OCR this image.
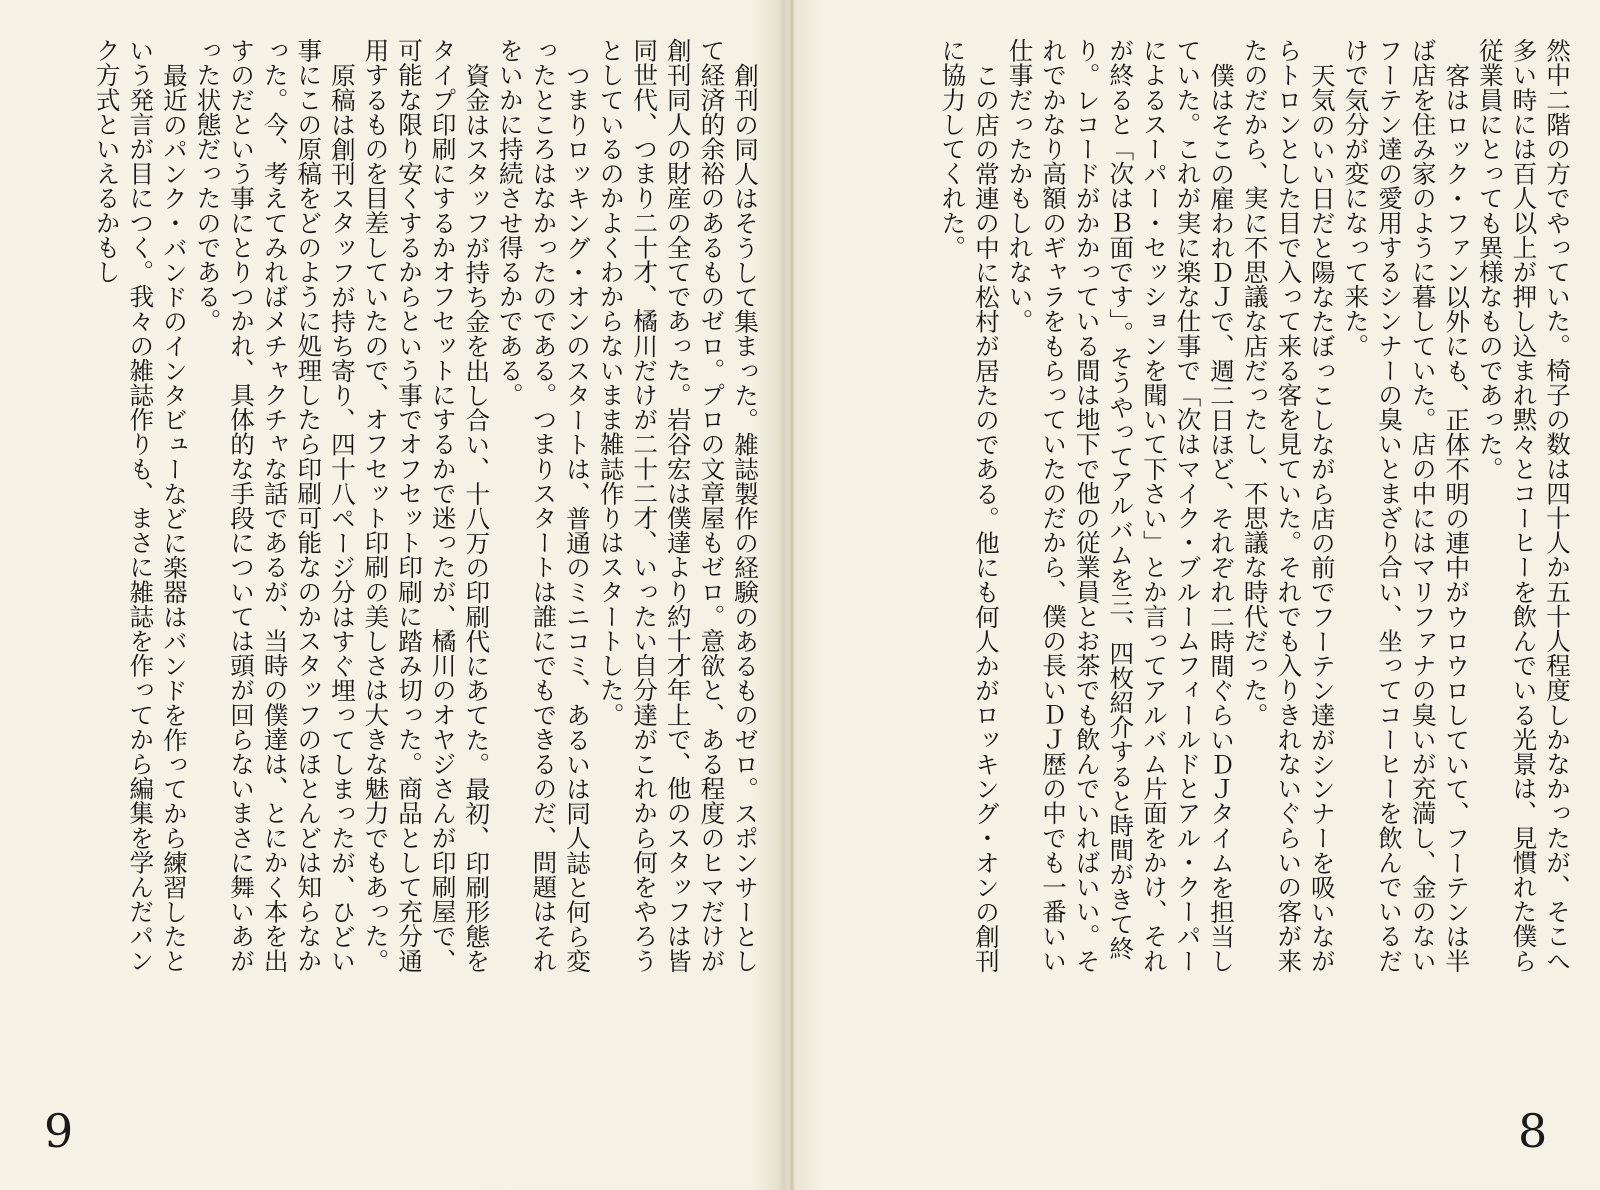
創刊の同人はそうして集まった。雑誌製作の経験のあるものゼロ。スポンサーとして経済的余裕のあるものゼロ。プロの文章屋もゼロ。意欲と、ある程度のヒマだけが創刊同人の財産の全てであった。岩谷宏は僕達より約十才年上で、他のスタッフは皆同世代、つまり二十才、橘川だけが二十二才、いったい自分達がこれから何をやろうとしているのかよくわからないまま雑誌作りはスタートした。

つまりロッキング・オンのスタートは、普通のミニコミ、あるいは同人誌と何ら変ったところはなかったのである。つまりスタートは誰にでもできるのだ、問題はそれをいかに持続させ得るかである。

資金はスタッフが持ち金を出し合い、十八万の印刷代にあてた。最初、印刷形態をタイプ印刷にするかオフセットにするかで迷ったが、橘川のオヤジさんが印刷屋で、可能な限り安くするからという事でオフセット印刷に踏み切った。商品として充分通用するものを目差していたので、オフセット印刷の美しさは大きな魅力でもあった。

原稿は創刊スタッフが持ち寄り、四十八ページ分はすぐ埋ってしまったが、ひどい事にこの原稿をどのように処理したら印刷可能なのかスタッフのほとんどは知らなかった。今、考えてみればメチャクチャな話であるが、当時の僕達は、とにかく本を出すのだという事にとりつかれ、具体的な手段については頭が回らないまさに舞いあがった状態だったのである。

最近のパンク・バンドのインタビューなどに楽器はバンドを作ってから練習したという発言が目につく。我々の雑誌作りも、まさに雑誌を作ってから編集を学んだパンク方式といえるかもし

9

然中二階の方でやっていた。椅子の数は四十人か五十人程度しかなかったが、そこへ多い時には百人以上が押し込まれ黙々とコーヒーを飲んでいる光景は、見慣れた僕ら従業員にとっても異様なものであった。

客はロック・ファン以外にも、正体不明の連中がウロウロしていて、フーテンは半ば店を住み家のように暮していた。店の中にはマリファナの臭いが充満し、金のないフーテン達の愛用するシンナーの臭いとまざり合い、坐ってコーヒーを飲んでいるだけで気分が変になって来た。

天気のいい日だと陽なたぼっこしながら店の前でフーテン達がシンナーを吸いながらトロンとした目で入って来る客を見ていた。それでも入りきれないぐらいの客が来たのだから、実に不思議な店だったし、不思議な時代だった。

僕はそこの雇われＤＪで、週二日ほど、それぞれ二時間ぐらいＤＪタイムを担当していた。これが実に楽な仕事で「次はマイク・ブルームフィールドとアル・クーパーによるスーパー・セッションを聞いて下さい」とか言ってアルバム片面をかけ、それが終ると「次はＢ面です」。そうやってアルバムを三、四枚紹介すると時間がきて終り。レコードがかかっている間は地下で他の従業員とお茶でも飲んでいればいい。それでかなり高額のギャラをもらっていたのだから、僕の長いＤＪ歴の中でも一番いい仕事だったかもしれない。

この店の常連の中に松村が居たのである。他にも何人かがロッキング・オンの創刊に協力してくれた。

8
